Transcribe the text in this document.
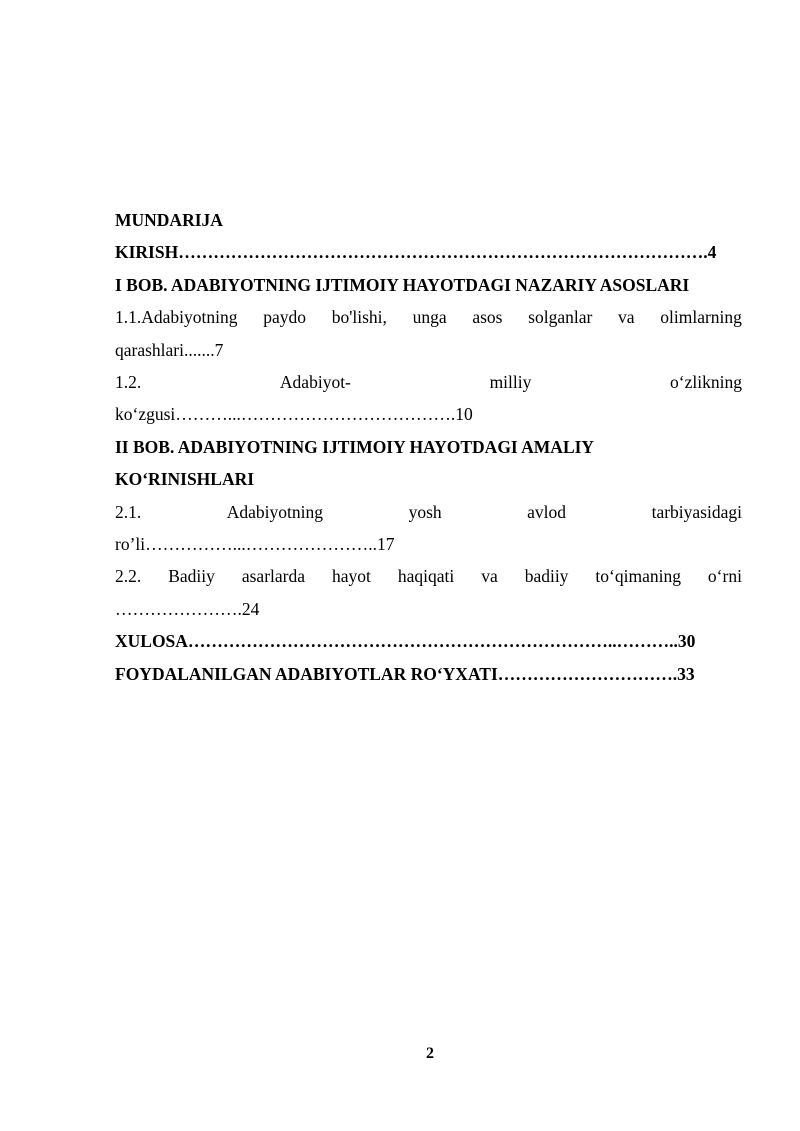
MUNDARIJA
KIRISH……………………………………………………………………………….4
I BOB. ADABIYOTNING IJTIMOIY HAYOTDAGI NAZARIY ASOSLARI
1.1.Adabiyotning paydo bo'lishi, unga asos solganlar va olimlarning
qarashlari.......7
1.2.	Adabiyot-	milliy	o‘zlikning
ko‘zgusi………...……………………………….10
II BOB. ADABIYOTNING IJTIMOIY HAYOTDAGI AMALIY
KO‘RINISHLARI
2.1.	Adabiyotning	yosh	avlod	tarbiyasidagi
ro’li……………...…………………..17
2.2. Badiiy asarlarda hayot haqiqati va badiiy to‘qimaning o‘rni
………………….24
XULOSA………………………………………………………………..………..30
FOYDALANILGAN ADABIYOTLAR RO‘YXATI………………………….33
2
